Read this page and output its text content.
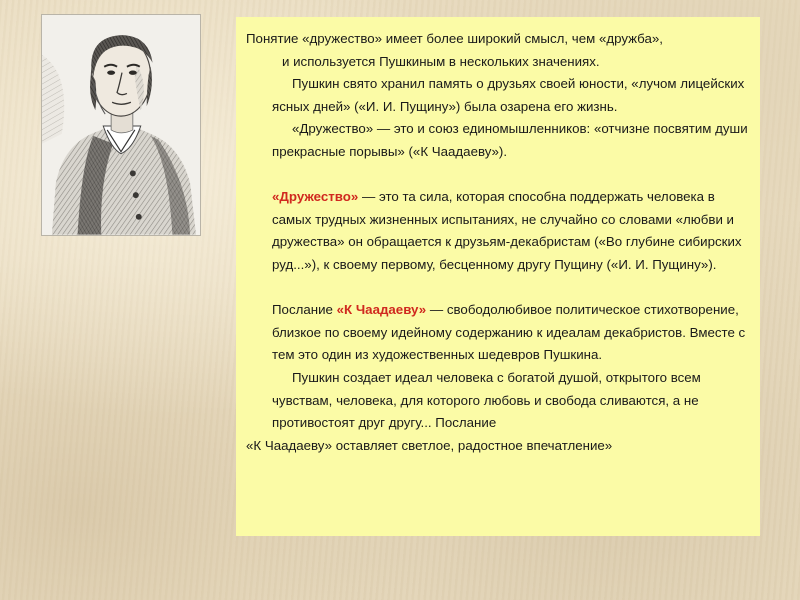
Понятие «дружество» имеет более широкий смысл, чем «дружба»,
и используется Пушкиным в нескольких значениях.

Пушкин свято хранил память о друзьях своей юности, «лучом лицейских ясных дней» («И. И. Пущину») была озарена его жизнь.

«Дружество» — это и союз единомышленников: «отчизне посвятим души прекрасные порывы» («К Чаадаеву»).

«Дружество» — это та сила, которая способна поддержать человека в самых трудных жизненных испытаниях, не случайно со словами «любви и дружества» он обращается к друзьям-декабристам («Во глубине сибирских руд...»), к своему первому, бесценному другу Пущину («И. И. Пущину»).

Послание «К Чаадаеву» — свободолюбивое политическое стихотворение, близкое по своему идейному содержанию к идеалам декабристов. Вместе с тем это один из художественных шедевров Пушкина.

Пушкин создает идеал человека с богатой душой, открытого всем чувствам, человека, для которого любовь и свобода сливаются, а не противостоят друг другу... Послание

«К Чаадаеву» оставляет светлое, радостное впечатление»
